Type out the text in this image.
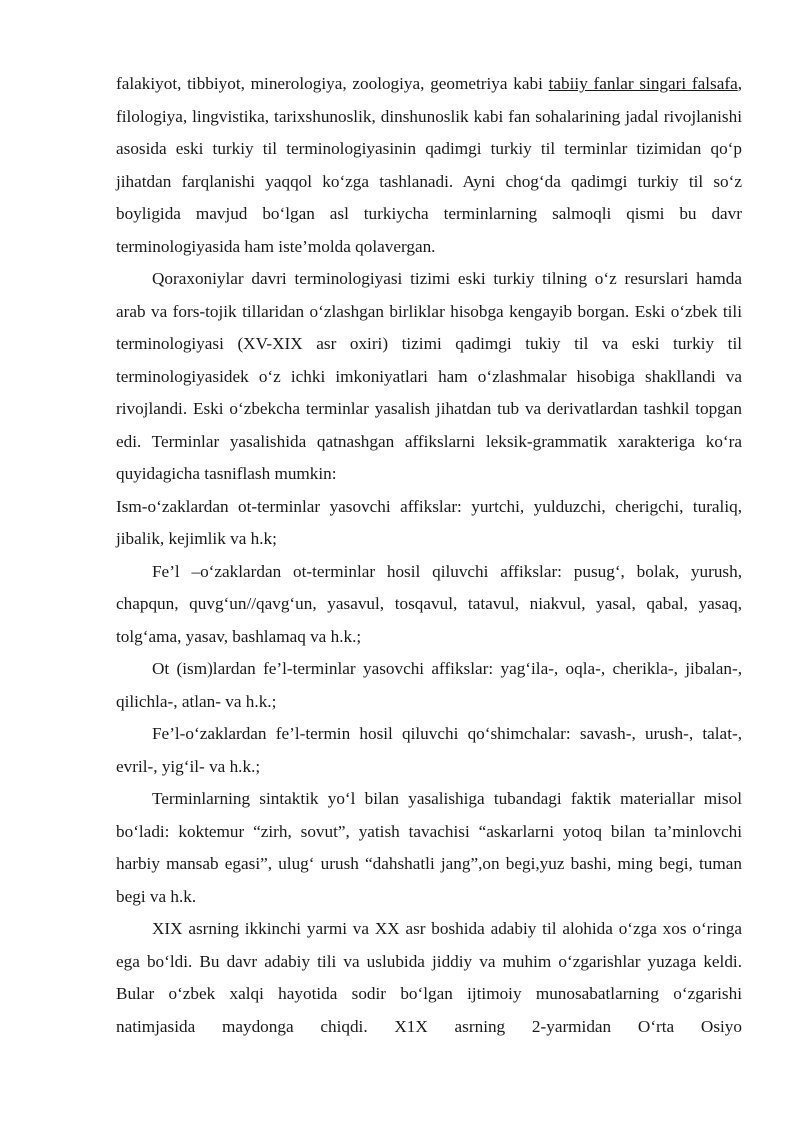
falakiyot, tibbiyot, minerologiya, zoologiya, geometriya kabi tabiiy fanlar singari falsafa, filologiya, lingvistika, tarixshunoslik, dinshunoslik kabi fan sohalarining jadal rivojlanishi asosida eski turkiy til terminologiyasinin qadimgi turkiy til terminlar tizimidan qo‘p jihatdan farqlanishi yaqqol ko‘zga tashlanadi. Ayni chog‘da qadimgi turkiy til so‘z boyligida mavjud bo‘lgan asl turkiycha terminlarning salmoqli qismi bu davr terminologiyasida ham iste’molda qolavergan.

Qoraxoniylar davri terminologiyasi tizimi eski turkiy tilning o‘z resurslari hamda arab va fors-tojik tillaridan o‘zlashgan birliklar hisobga kengayib borgan. Eski o‘zbek tili terminologiyasi (XV-XIX asr oxiri) tizimi qadimgi tukiy til va eski turkiy til terminologiyasidek o‘z ichki imkoniyatlari ham o‘zlashmalar hisobiga shakllandi va rivojlandi. Eski o‘zbekcha terminlar yasalish jihatdan tub va derivatlardan tashkil topgan edi. Terminlar yasalishida qatnashgan affikslarni leksik-grammatik xarakteriga ko‘ra quyidagicha tasniflash mumkin:

Ism-o‘zaklardan ot-terminlar yasovchi affikslar: yurtchi, yulduzchi, cherigchi, turaliq, jibalik, kejimlik va h.k;

Fe’l –o‘zaklardan ot-terminlar hosil qiluvchi affikslar: pusug‘, bolak, yurush, chapqun, quvg‘un//qavg‘un, yasavul, tosqavul, tatavul, niakvul, yasal, qabal, yasaq, tolg‘ama, yasav, bashlamaq va h.k.;

Ot (ism)lardan fe’l-terminlar yasovchi affikslar: yag‘ila-, oqla-, cherikla-, jibalan-, qilichla-, atlan- va h.k.;

Fe’l-o‘zaklardan fe’l-termin hosil qiluvchi qo‘shimchalar: savash-, urush-, talat-, evril-, yig‘il- va h.k.;

Terminlarning sintaktik yo‘l bilan yasalishiga tubandagi faktik materiallar misol bo‘ladi: koktemur “zirh, sovut”, yatish tavachisi “askarlarni yotoq bilan ta’minlovchi harbiy mansab egasi”, ulug‘ urush “dahshatli jang”,on begi,yuz bashi, ming begi, tuman begi va h.k.

XIX asrning ikkinchi yarmi va XX asr boshida adabiy til alohida o‘zga xos o‘ringa ega bo‘ldi. Bu davr adabiy tili va uslubida jiddiy va muhim o‘zgarishlar yuzaga keldi. Bular o‘zbek xalqi hayotida sodir bo‘lgan ijtimoiy munosabatlarning o‘zgarishi natimjasida maydonga chiqdi. X1X asrning 2-yarmidan O‘rta Osiyo
